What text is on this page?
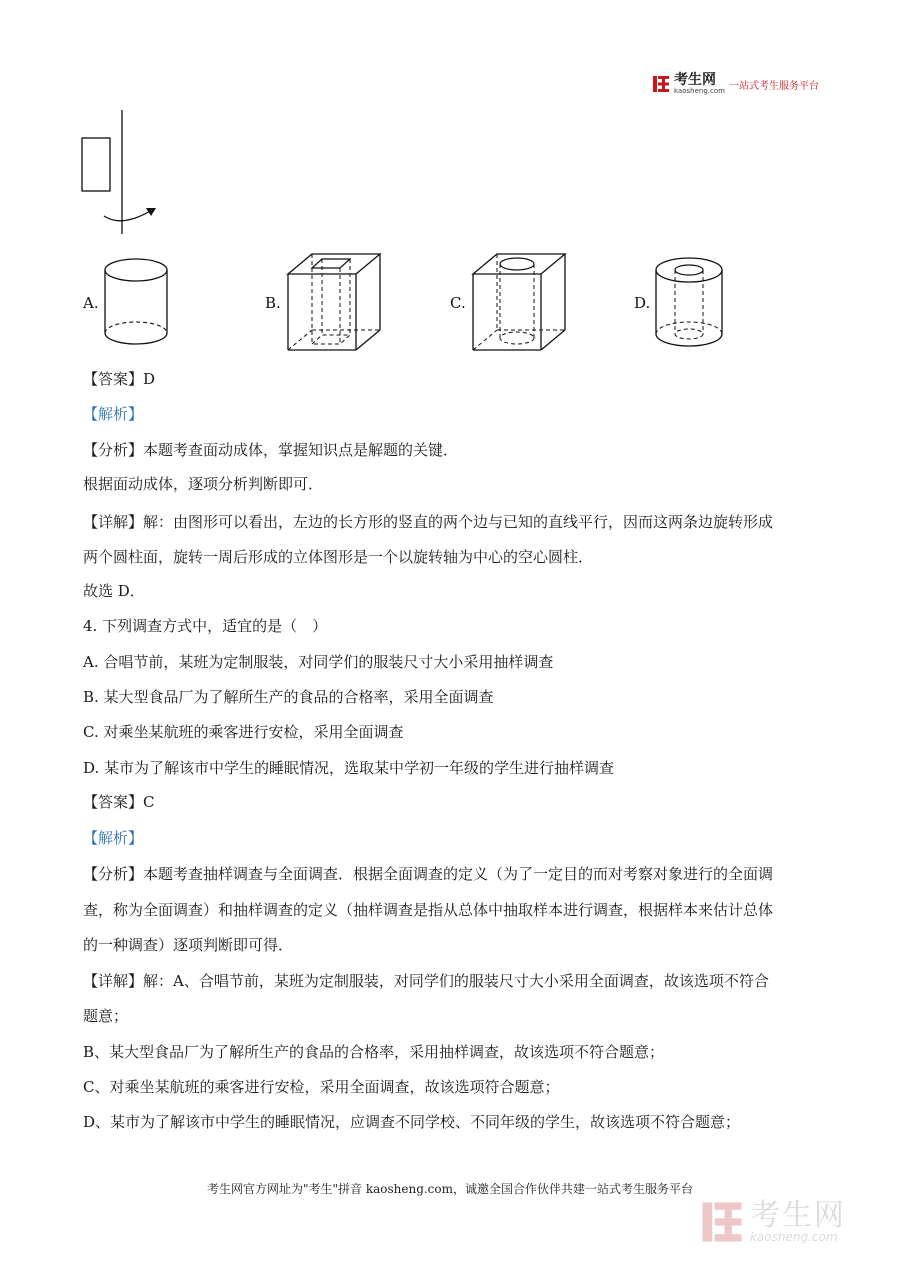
考生网
kaosheng.com 一站式考生服务平台
A.	B.	C.	D.
【答案】D
【解析】
【分析】本题考查面动成体，掌握知识点是解题的关键．
根据面动成体，逐项分析判断即可．
【详解】解：由图形可以看出，左边的长方形的竖直的两个边与已知的直线平行，因而这两条边旋转形成
两个圆柱面，旋转一周后形成的立体图形是一个以旋转轴为中心的空心圆柱．
故选 D．
4. 下列调查方式中，适宜的是（　）
A. 合唱节前，某班为定制服装，对同学们的服装尺寸大小采用抽样调查
B. 某大型食品厂为了解所生产的食品的合格率，采用全面调查
C. 对乘坐某航班的乘客进行安检，采用全面调查
D. 某市为了解该市中学生的睡眠情况，选取某中学初一年级的学生进行抽样调查
【答案】C
【解析】
【分析】本题考查抽样调查与全面调查．根据全面调查的定义（为了一定目的而对考察对象进行的全面调
查，称为全面调查）和抽样调查的定义（抽样调查是指从总体中抽取样本进行调查，根据样本来估计总体
的一种调查）逐项判断即可得．
【详解】解：A、合唱节前，某班为定制服装，对同学们的服装尺寸大小采用全面调查，故该选项不符合
题意；
B、某大型食品厂为了解所生产的食品的合格率，采用抽样调查，故该选项不符合题意；
C、对乘坐某航班的乘客进行安检，采用全面调查，故该选项符合题意；
D、某市为了解该市中学生的睡眠情况，应调查不同学校、不同年级的学生，故该选项不符合题意；
考生网官方网址为"考生"拼音 kaosheng.com，诚邀全国合作伙伴共建一站式考生服务平台
考生网
kaosheng.com
